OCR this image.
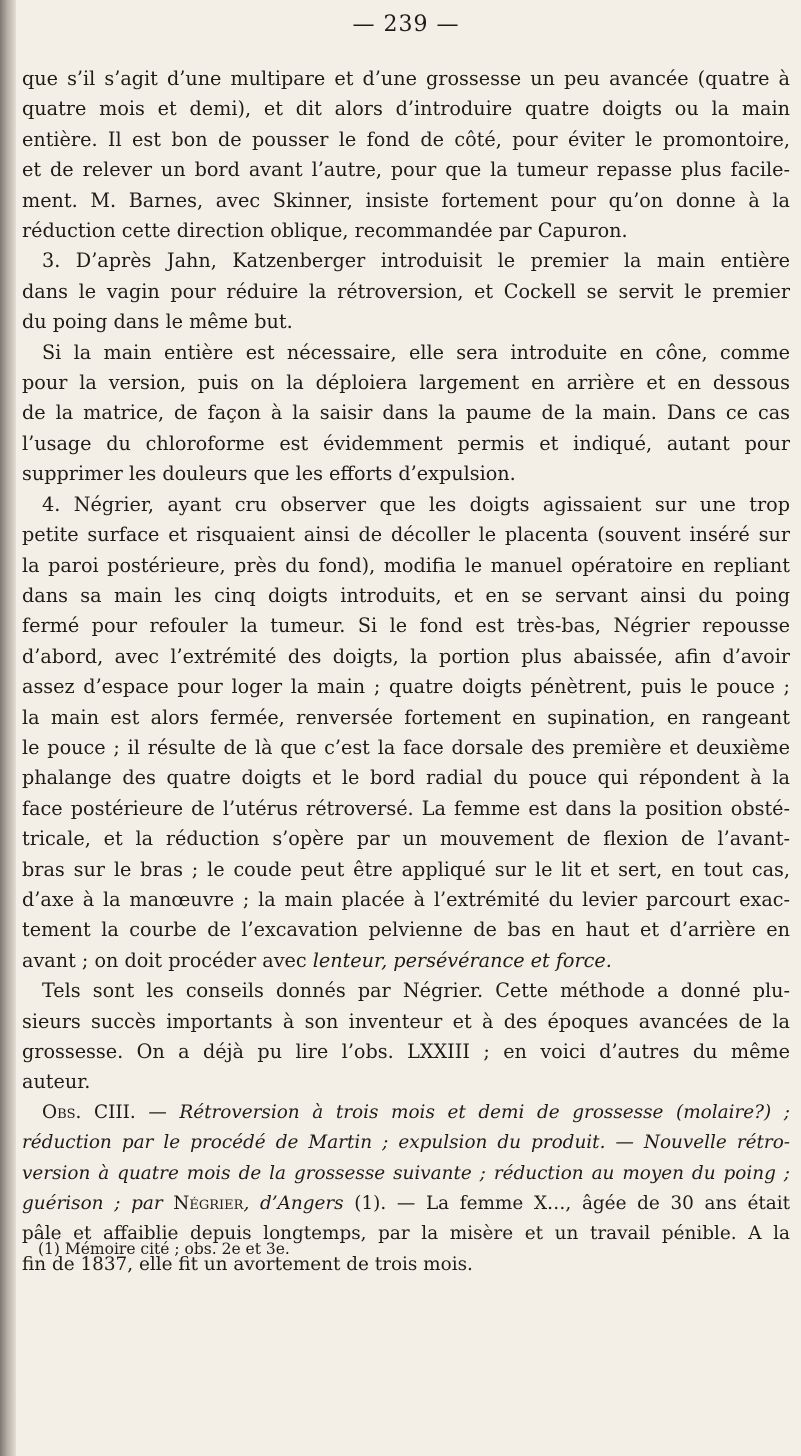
— 239 —
que s’il s’agit d’une multipare et d’une grossesse un peu avancée (quatre à
quatre mois et demi), et dit alors d’introduire quatre doigts ou la main
entière. Il est bon de pousser le fond de côté, pour éviter le promontoire,
et de relever un bord avant l’autre, pour que la tumeur repasse plus facile-
ment. M. Barnes, avec Skinner, insiste fortement pour qu’on donne à la
réduction cette direction oblique, recommandée par Capuron.
3. D’après Jahn, Katzenberger introduisit le premier la main entière
dans le vagin pour réduire la rétroversion, et Cockell se servit le premier
du poing dans le même but.
Si la main entière est nécessaire, elle sera introduite en cône, comme
pour la version, puis on la déploiera largement en arrière et en dessous
de la matrice, de façon à la saisir dans la paume de la main. Dans ce cas
l’usage du chloroforme est évidemment permis et indiqué, autant pour
supprimer les douleurs que les efforts d’expulsion.
4. Négrier, ayant cru observer que les doigts agissaient sur une trop
petite surface et risquaient ainsi de décoller le placenta (souvent inséré sur
la paroi postérieure, près du fond), modifia le manuel opératoire en repliant
dans sa main les cinq doigts introduits, et en se servant ainsi du poing
fermé pour refouler la tumeur. Si le fond est très-bas, Négrier repousse
d’abord, avec l’extrémité des doigts, la portion plus abaissée, afin d’avoir
assez d’espace pour loger la main ; quatre doigts pénètrent, puis le pouce ;
la main est alors fermée, renversée fortement en supination, en rangeant
le pouce ; il résulte de là que c’est la face dorsale des première et deuxième
phalange des quatre doigts et le bord radial du pouce qui répondent à la
face postérieure de l’utérus rétroversé. La femme est dans la position obsté-
tricale, et la réduction s’opère par un mouvement de flexion de l’avant-
bras sur le bras ; le coude peut être appliqué sur le lit et sert, en tout cas,
d’axe à la manœuvre ; la main placée à l’extrémité du levier parcourt exac-
tement la courbe de l’excavation pelvienne de bas en haut et d’arrière en
avant ; on doit procéder avec lenteur, persévérance et force.
Tels sont les conseils donnés par Négrier. Cette méthode a donné plu-
sieurs succès importants à son inventeur et à des époques avancées de la
grossesse. On a déjà pu lire l’obs. LXXIII ; en voici d’autres du même
auteur.
Obs. CIII. — Rétroversion à trois mois et demi de grossesse (molaire?) ;
réduction par le procédé de Martin ; expulsion du produit. — Nouvelle rétro-
version à quatre mois de la grossesse suivante ; réduction au moyen du poing ;
guérison ; par Négrier, d’Angers (1). — La femme X…, âgée de 30 ans était
pâle et affaiblie depuis longtemps, par la misère et un travail pénible. A la
fin de 1837, elle fit un avortement de trois mois.
(1) Mémoire cité ; obs. 2e et 3e.
